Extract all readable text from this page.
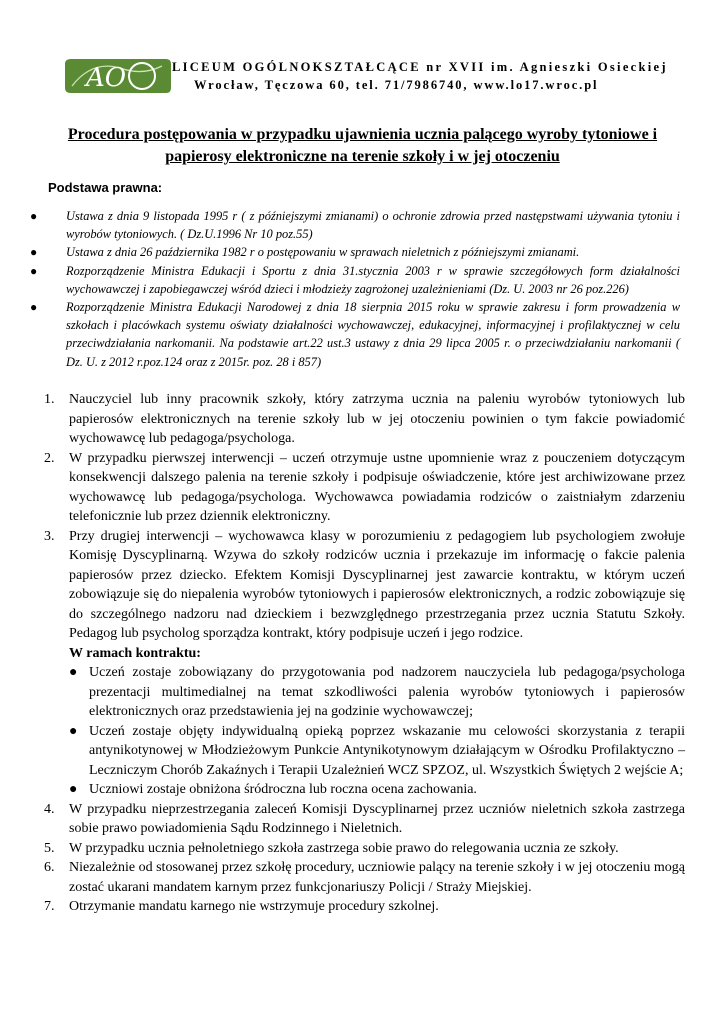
AO	LICEUM OGÓLNOKSZTAŁCĄCE nr XVII im. Agnieszki Osieckiej
Wrocław, Tęczowa 60, tel. 71/7986740, www.lo17.wroc.pl
Procedura postępowania w przypadku ujawnienia ucznia palącego wyroby tytoniowe i papierosy elektroniczne na terenie szkoły i w jej otoczeniu

Podstawa prawna:

● Ustawa z dnia 9 listopada 1995 r ( z późniejszymi zmianami) o ochronie zdrowia przed następstwami używania tytoniu i wyrobów tytoniowych. ( Dz.U.1996 Nr 10 poz.55)
● Ustawa z dnia 26 października 1982 r o postępowaniu w sprawach nieletnich z późniejszymi zmianami.
● Rozporządzenie Ministra Edukacji i Sportu z dnia 31.stycznia 2003 r w sprawie szczegółowych form działalności wychowawczej i zapobiegawczej wśród dzieci i młodzieży zagrożonej uzależnieniami (Dz. U. 2003 nr 26 poz.226)
● Rozporządzenie Ministra Edukacji Narodowej z dnia 18 sierpnia 2015 roku w sprawie zakresu i form prowadzenia w szkołach i placówkach systemu oświaty działalności wychowawczej, edukacyjnej, informacyjnej i profilaktycznej w celu przeciwdziałania narkomanii. Na podstawie art.22 ust.3 ustawy z dnia 29 lipca 2005 r. o przeciwdziałaniu narkomanii ( Dz. U. z 2012 r.poz.124 oraz z 2015r. poz. 28 i 857)
1. Nauczyciel lub inny pracownik szkoły, który zatrzyma ucznia na paleniu wyrobów tytoniowych lub papierosów elektronicznych na terenie szkoły lub w jej otoczeniu powinien o tym fakcie powiadomić wychowawcę lub pedagoga/psychologa.
2. W przypadku pierwszej interwencji – uczeń otrzymuje ustne upomnienie wraz z pouczeniem dotyczącym konsekwencji dalszego palenia na terenie szkoły i podpisuje oświadczenie, które jest archiwizowane przez wychowawcę lub pedagoga/psychologa. Wychowawca powiadamia rodziców o zaistniałym zdarzeniu telefonicznie lub przez dziennik elektroniczny.
3. Przy drugiej interwencji – wychowawca klasy w porozumieniu z pedagogiem lub psychologiem zwołuje Komisję Dyscyplinarną. Wzywa do szkoły rodziców ucznia i przekazuje im informację o fakcie palenia papierosów przez dziecko. Efektem Komisji Dyscyplinarnej jest zawarcie kontraktu, w którym uczeń zobowiązuje się do niepalenia wyrobów tytoniowych i papierosów elektronicznych, a rodzic zobowiązuje się do szczególnego nadzoru nad dzieckiem i bezwzględnego przestrzegania przez ucznia Statutu Szkoły. Pedagog lub psycholog sporządza kontrakt, który podpisuje uczeń i jego rodzice.
W ramach kontraktu:
● Uczeń zostaje zobowiązany do przygotowania pod nadzorem nauczyciela lub pedagoga/psychologa prezentacji multimedialnej na temat szkodliwości palenia wyrobów tytoniowych i papierosów elektronicznych oraz przedstawienia jej na godzinie wychowawczej;
● Uczeń zostaje objęty indywidualną opieką poprzez wskazanie mu celowości skorzystania z terapii antynikotynowej w Młodzieżowym Punkcie Antynikotynowym działającym w Ośrodku Profilaktyczno – Leczniczym Chorób Zakaźnych i Terapii Uzależnień WCZ SPZOZ, ul. Wszystkich Świętych 2 wejście A;
● Uczniowi zostaje obniżona śródroczna lub roczna ocena zachowania.
4. W przypadku nieprzestrzegania zaleceń Komisji Dyscyplinarnej przez uczniów nieletnich szkoła zastrzega sobie prawo powiadomienia Sądu Rodzinnego i Nieletnich.
5. W przypadku ucznia pełnoletniego szkoła zastrzega sobie prawo do relegowania ucznia ze szkoły.
6. Niezależnie od stosowanej przez szkołę procedury, uczniowie palący na terenie szkoły i w jej otoczeniu mogą zostać ukarani mandatem karnym przez funkcjonariuszy Policji / Straży Miejskiej.
7. Otrzymanie mandatu karnego nie wstrzymuje procedury szkolnej.
